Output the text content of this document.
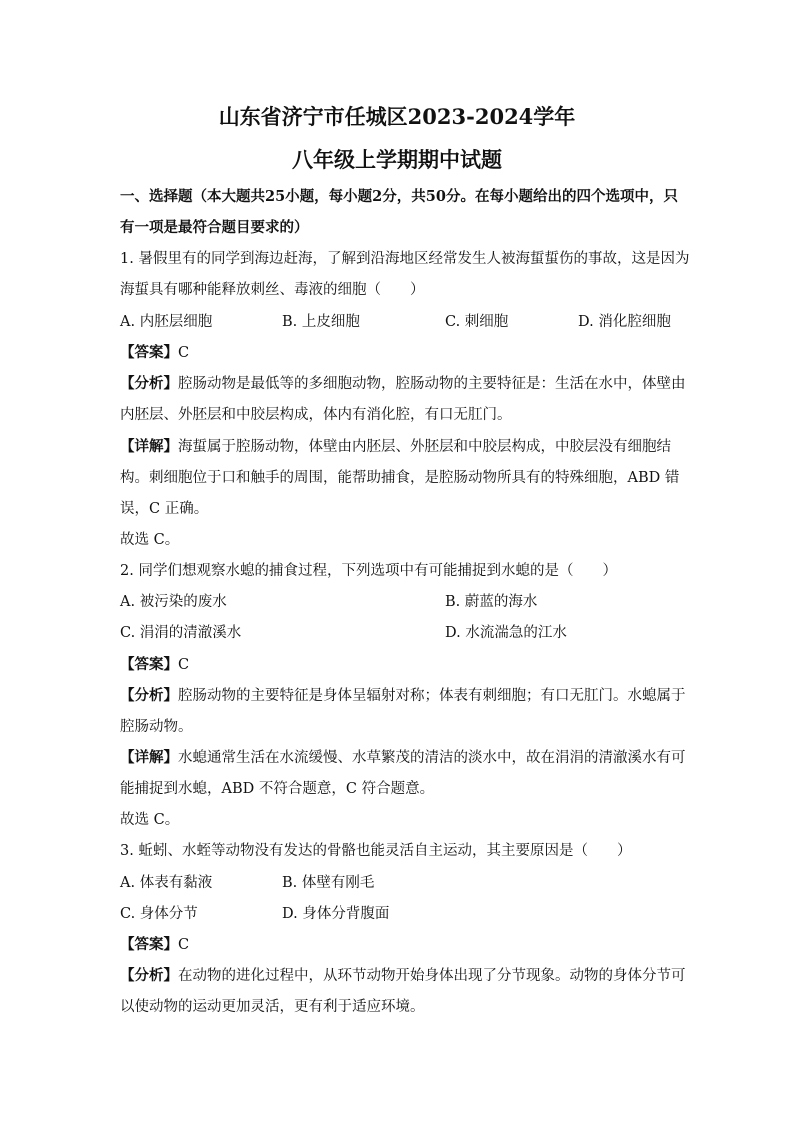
山东省济宁市任城区2023-2024学年
八年级上学期期中试题
一、选择题（本大题共25小题，每小题2分，共50分。在每小题给出的四个选项中，只
有一项是最符合题目要求的）
1. 暑假里有的同学到海边赶海，了解到沿海地区经常发生人被海蜇蜇伤的事故，这是因为
海蜇具有哪种能释放刺丝、毒液的细胞（　　）
A. 内胚层细胞	B. 上皮细胞	C. 刺细胞	D. 消化腔细胞
【答案】C
【分析】腔肠动物是最低等的多细胞动物，腔肠动物的主要特征是：生活在水中，体壁由
内胚层、外胚层和中胶层构成，体内有消化腔，有口无肛门。
【详解】海蜇属于腔肠动物，体壁由内胚层、外胚层和中胶层构成，中胶层没有细胞结
构。刺细胞位于口和触手的周围，能帮助捕食，是腔肠动物所具有的特殊细胞，ABD 错
误，C 正确。
故选 C。
2. 同学们想观察水螅的捕食过程，下列选项中有可能捕捉到水螅的是（　　）
A. 被污染的废水	B. 蔚蓝的海水
C. 涓涓的清澈溪水	D. 水流湍急的江水
【答案】C
【分析】腔肠动物的主要特征是身体呈辐射对称；体表有刺细胞；有口无肛门。水螅属于
腔肠动物。
【详解】水螅通常生活在水流缓慢、水草繁茂的清洁的淡水中，故在涓涓的清澈溪水有可
能捕捉到水螅，ABD 不符合题意，C 符合题意。
故选 C。
3. 蚯蚓、水蛭等动物没有发达的骨骼也能灵活自主运动，其主要原因是（　　）
A. 体表有黏液	B. 体壁有刚毛
C. 身体分节	D. 身体分背腹面
【答案】C
【分析】在动物的进化过程中，从环节动物开始身体出现了分节现象。动物的身体分节可
以使动物的运动更加灵活，更有利于适应环境。
